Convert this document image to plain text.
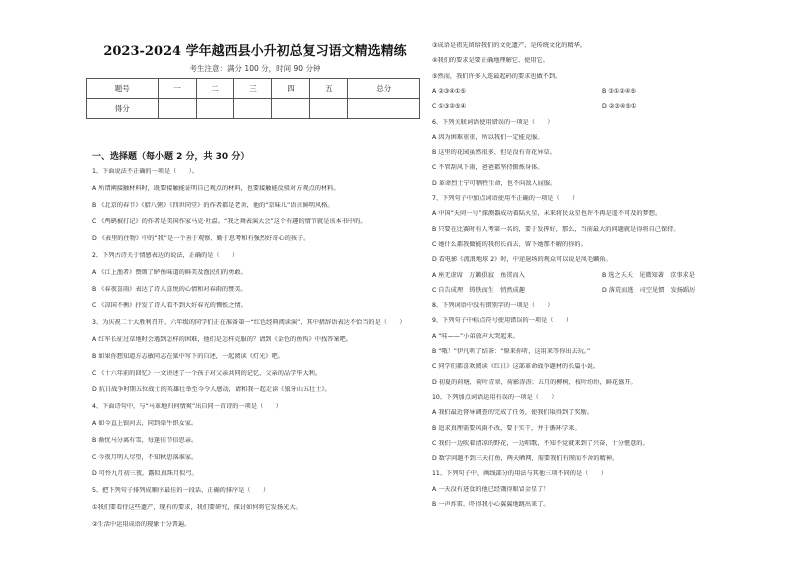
2023-2024 学年越西县小升初总复习语文精选精练
考生注意：满分 100 分，时间 90 分钟
题号	一	二	三	四	五	总分
得分						
一、选择题（每小题 2 分，共 30 分）
1、下面说法不正确的一项是（　　）。
A 所谓阐接触材料时，既要接触能证明自己观点的材料，也要接触能反驳对方观点的材料。
B 《北京的春节》《腊八粥》《四世同堂》的作者都是老舍，他的“京味儿”语言鲜明风格。
C 《鸬鹚被打记》的作者是美国作家马克·吐温。“我之舞表演大会”这个有趣的情节就是该本书中的。
D 《表里的住物》中的“我”是一个善于观察、勤于思考和有强烈好奇心的孩子。
2、下列古诗关于情感表达的说法，正确的是（　　）
A 《江上渔者》赞颂了鲈鱼味道的鲜美及渔民们的勇敢。
B 《春夜喜雨》表达了诗人喜悦的心情和对春雨的赞美。
C 《凉国不衡》抒发了诗人看不到大好春光的惆怅之情。
3、为庆祝二十大胜利召开，六年级的同学们正在准备第一“红色经典阅读演”，其中措辞语表达不恰当的是（　　）
A 红军长征过草地时会遇到怎样的困难，他们是怎样克服的？请到《金色的鱼钩》中找答案吧。
B 如果你想知道方志敏同志在狱中写下的自述，一起阅读《灯光》吧。
C 《十六年前的回忆》一文讲述了一个孩子对父亲共同的记忆，父亲的品学毕大利。
D 抗日战争时期五位战士的英雄壮举至今令人感动，请和我一起走读《狼牙山五壮士》。
4、下面诗句中，与“马革地归何情爽”出自同一首诗的一项是（　　）
A 如今直上银河去，同到牵牛织女家。
B 渐忧马分离有雪，每逢佳节倍思亲。
C 今夜月明人尽望，不知秋思落谁家。
D 可怜九月初三夜，露似真珠月似弓。
5、把下列句子排列成顺序最佳的一段话，正确的排序是（　　）
①我们要看待这些遗产，现有的要求，我们要研究，探讨如何将它发扬光大。
②生活中运用成语的现象十分普遍。
③成语是祖先留给我们的文化遗产，是传统文化的精华。
④我们的要求是要正确地理解它、使用它。
⑤然而，我们许多人连最起码的要求也做不到。
A ②③④①⑤	B ③①②④⑤
C ①③②⑤④	D ②③④⑤①
6、下列关联词语使用错误的一项是（　　）
A 因为困难重重，所以我们一定能克服。
B 这里的花园虽然很多，但是没有奇花异草。
C 不管刮风下雨，爸爸都坚持锻炼身体。
D 革命烈士宁可牺牲生命，也不向敌人屈服。
7、下列句子中加点词语使用不正确的一项是（　　）
A 中国“天问一号”探测器成功着陆火星，未来将民众星也许不再是遥不可及的梦想。
B 只要在比赛时有人考第一名的，要于发挥好，那么，当前最大的问题就是得将自己保持。
C 她什么都我做能的我拐长而去，留下她那不解的你的。
D 看电影《流浪地球 2》时，中途退场的观众可以说是凤毛麟角。
A 座无虚席　万籁俱寂　鱼贯而入	B 选之夭夭　见微知著　京事求是
C 自告成理　铸铁而生　悄然成趣	D 落荒而逃　司空见惯　发扬蹈厉
8、下列词语中没有错别字的一项是（　　）
9、下列句子中标点符号使用错误的一项是（　　）
A “哇——”小弟放声大哭起来。
B “哦！”伊凡听了结茶：“原来你听，这用来等你出去玩。”
C 同学们都喜欢阅读《红日》这部革命战争题材的长篇小说。
D 初夏的荷塘，荷叶青翠，荷影涛涛；五月的柳树，枝叶纷纷，鲜花盛开。
10、下列加点词语运用有误的一项是（　　）
A 我们最近督导调查的完成了任务，使我们取得到了奖励。
B 追求真理需要风雨不改，要于实干，并于循环学来。
C 我们一边吹着清凉的野花，一边唱歌，不知不觉就来到了兴奋，十分惬意的。
D 数学问题不到三天打鱼，两天晒网，需要我们有锲而不舍的精神。
11、下列句子中，画线部分的用法与其他三项不同的是（　　）
A 一天没有进食的他已经饿得眼冒金星了！
B 一声炸雷，吓得我小心翼翼地跳出来了。
